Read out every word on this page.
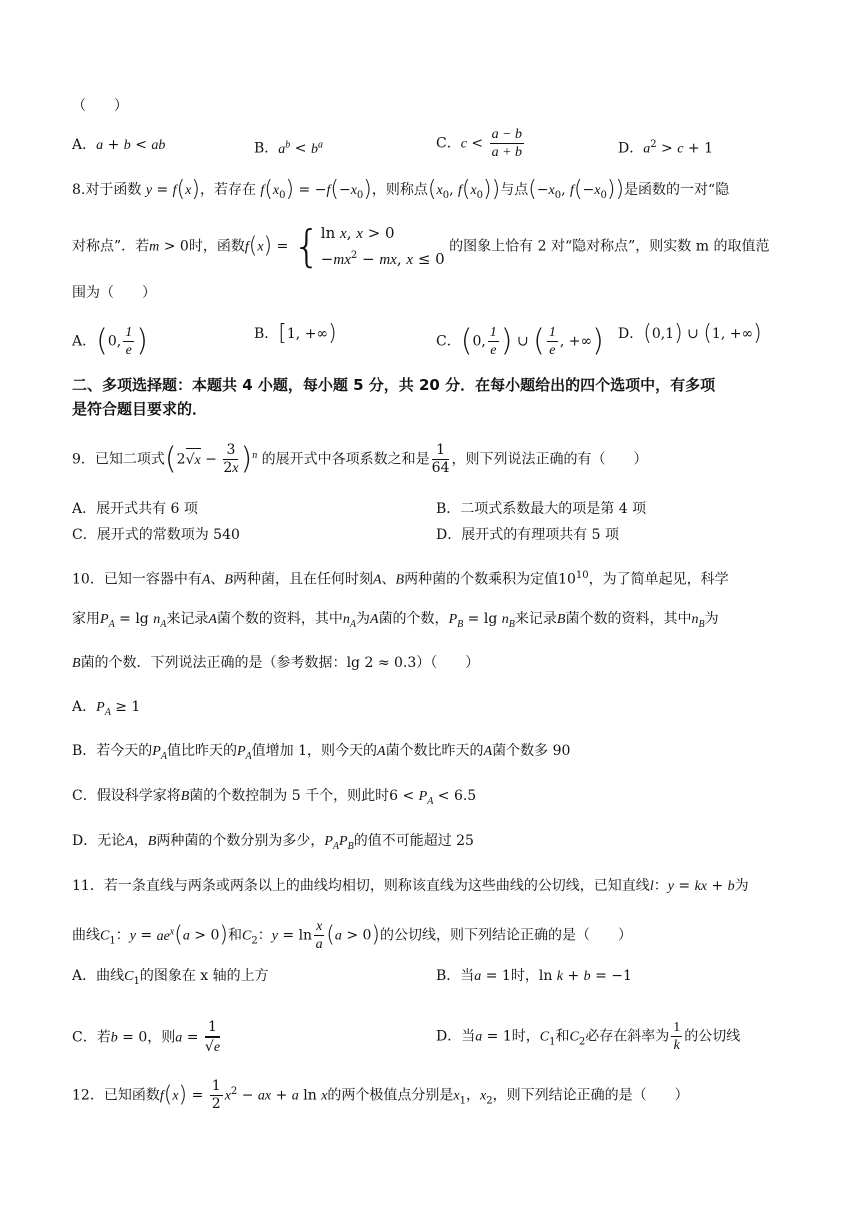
（　　）
A．a + b < ab	B．$a^b < b^a$	C．$c < \frac{a - b}{a + b}$	D．$a^2 > c + 1$
8.对于函数 y = f(x)，若存在 $f(x_0) = -f(-x_0)$，则称点($x_0$, $f(x_0)$)与点($-x_0$, $f(-x_0)$)是函数的一对“隐
对称点”．若m > 0时，函数f(x) = { ln x, x > 0
$-mx^2$ − mx, x ≤ 0
的图象上恰有 2 对“隐对称点”，则实数 m 的取值范
围为（　　）
A．(0, $\frac{1}{e}$ )	B．[1, +∞)	C．(0, $\frac{1}{e}$ ) ∪ ( $\frac{1}{e}$ , +∞) D．(0,1) ∪ (1, +∞)
二、多项选择题：本题共 4 小题，每小题 5 分，共 20 分．在每小题给出的四个选项中，有多项
是符合题目要求的．
9．已知二项式$(2√x - \frac{3}{2x} )^n$ 的展开式中各项系数之和是 $\frac{1}{64}$ ，则下列说法正确的有（　　）
A．展开式共有 6 项	B．二项式系数最大的项是第 4 项
C．展开式的常数项为 540	D．展开式的有理项共有 5 项
10．已知一容器中有A、B两种菌，且在任何时刻A、B两种菌的个数乘积为定值$10^{10}$，为了简单起见，科学
家用$P_A = \lg n_A$来记录A菌个数的资料，其中$n_A$为A菌的个数，$P_B = \lg n_B$来记录B菌个数的资料，其中$n_B$为
B菌的个数．下列说法正确的是（参考数据：lg 2 ≈ 0.3）（　　）
A．$P_A \ge 1$
B．若今天的$P_A$值比昨天的$P_A$值增加 1，则今天的A菌个数比昨天的A菌个数多 90
C．假设科学家将B菌的个数控制为 5 千个，则此时$6 < P_A < 6.5$
D．无论A，B两种菌的个数分别为多少，$P_AP_B$的值不可能超过 25
11．若一条直线与两条或两条以上的曲线均相切，则称该直线为这些曲线的公切线，已知直线l：y = kx + b为
曲线$C_1$：$y = ae^x(a > 0)$和$C_2$：$y = \ln \frac{x}{a} (a > 0)$的公切线，则下列结论正确的是（　　）
A．曲线$C_1$的图象在 x 轴的上方	B．当a = 1时，ln k + b = −1
C．若b = 0，则$a = \frac{1}{√e}$	D．当a = 1时，$C_1$和$C_2$必存在斜率为 $\frac{1}{k}$ 的公切线
12．已知函数$f(x) = \frac{1}{2} x^2$ − ax + a ln x的两个极值点分别是$x_1$，$x_2$，则下列结论正确的是（　　）
